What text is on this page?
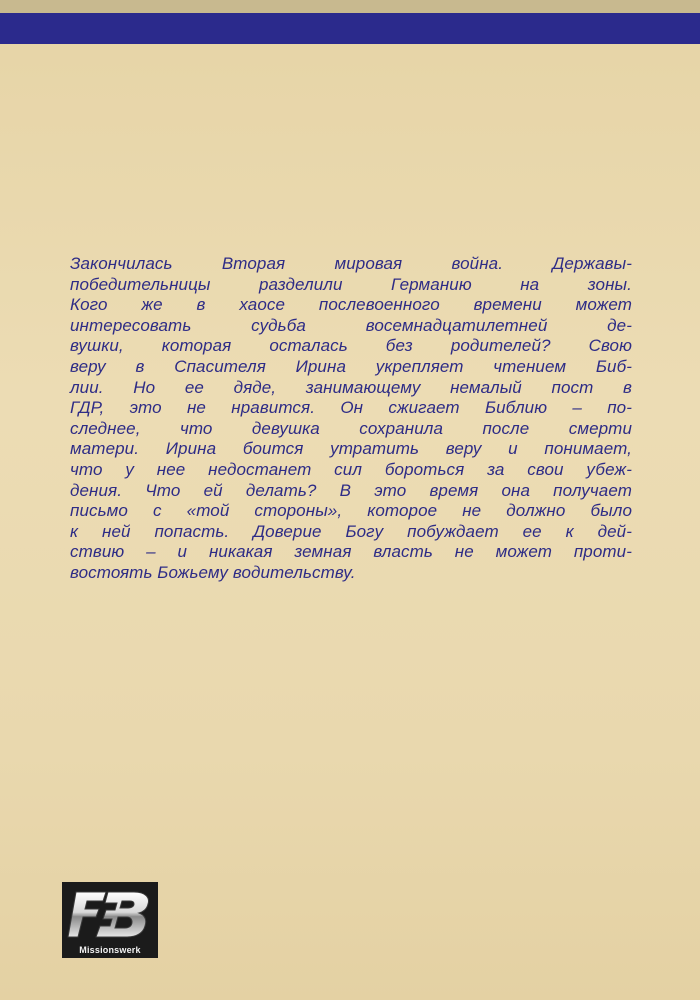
Закончилась Вторая мировая война. Державы-
победительницы разделили Германию на зоны.
Кого же в хаосе послевоенного времени может
интересовать судьба восемнадцатилетней де-
вушки, которая осталась без родителей? Свою
веру в Спасителя Ирина укрепляет чтением Биб-
лии. Но ее дяде, занимающему немалый пост в
ГДР, это не нравится. Он сжигает Библию – по-
следнее, что девушка сохранила после смерти
матери. Ирина боится утратить веру и понимает,
что у нее недостанет сил бороться за свои убеж-
дения. Что ей делать? В это время она получает
письмо с «той стороны», которое не должно было
к ней попасть. Доверие Богу побуждает ее к дей-
ствию – и никакая земная власть не может проти-
востоять Божьему водительству.

Missionswerk
